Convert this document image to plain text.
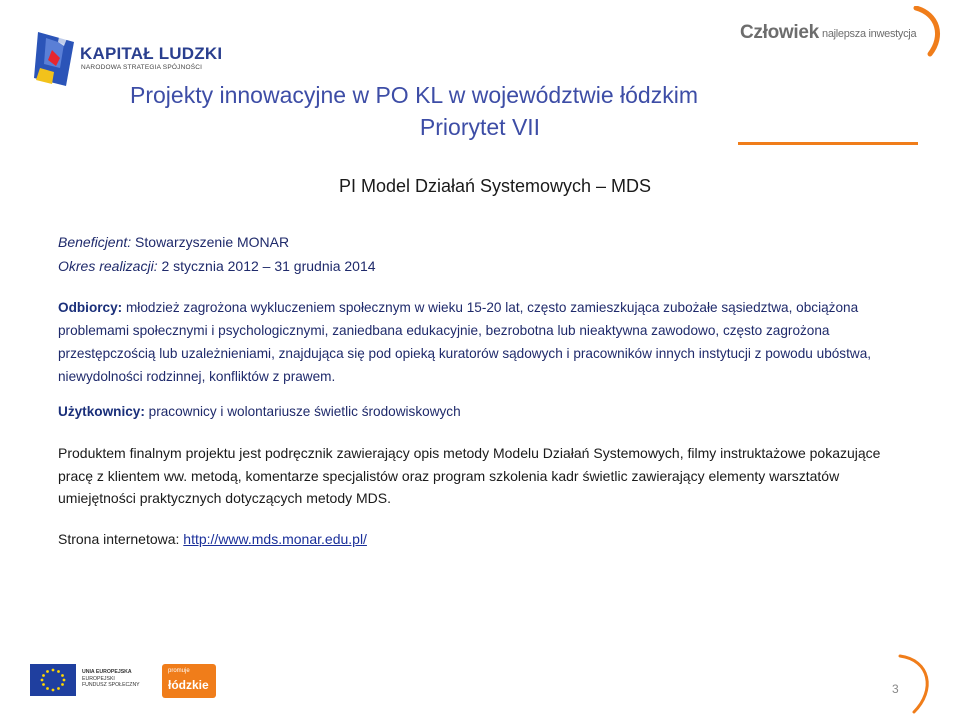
KAPITAŁ LUDZKI
NARODOWA STRATEGIA SPÓJNOŚCI
Człowiek najlepsza inwestycja
Projekty innowacyjne w PO KL w województwie łódzkim
Priorytet VII
PI Model Działań Systemowych – MDS
Beneficjent: Stowarzyszenie MONAR
Okres realizacji: 2 stycznia 2012 – 31 grudnia 2014
Odbiorcy: młodzież zagrożona wykluczeniem społecznym w wieku 15-20 lat, często zamieszkująca zubożałe sąsiedztwa, obciążona problemami społecznymi i psychologicznymi, zaniedbana edukacyjnie, bezrobotna lub nieaktywna zawodowo, często zagrożona przestępczością lub uzależnieniami, znajdująca się pod opieką kuratorów sądowych i pracowników innych instytucji z powodu ubóstwa, niewydolności rodzinnej, konfliktów z prawem.
Użytkownicy: pracownicy i wolontariusze świetlic środowiskowych
Produktem finalnym projektu jest podręcznik zawierający opis metody Modelu Działań Systemowych, filmy instruktażowe pokazujące pracę z klientem ww. metodą, komentarze specjalistów oraz program szkolenia kadr świetlic zawierający elementy warsztatów umiejętności praktycznych dotyczących metody MDS.
Strona internetowa: http://www.mds.monar.edu.pl/
UNIA EUROPEJSKA
EUROPEJSKI
FUNDUSZ SPOŁECZNY
promuje
łódzkie	3
